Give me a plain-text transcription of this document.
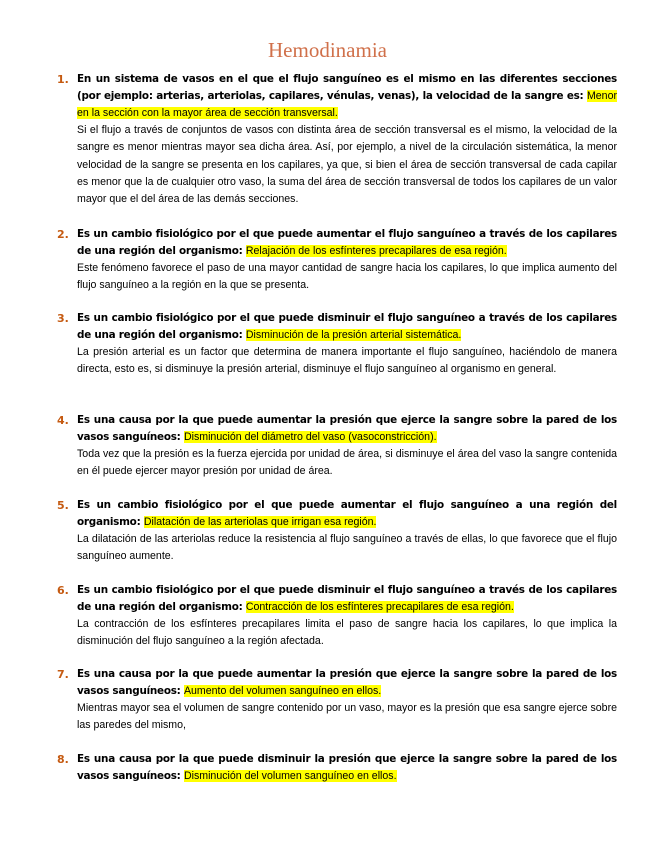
Hemodinamia
1. En un sistema de vasos en el que el flujo sanguíneo es el mismo en las diferentes secciones (por ejemplo: arterias, arteriolas, capilares, vénulas, venas), la velocidad de la sangre es: Menor en la sección con la mayor área de sección transversal.
Si el flujo a través de conjuntos de vasos con distinta área de sección transversal es el mismo, la velocidad de la sangre es menor mientras mayor sea dicha área. Así, por ejemplo, a nivel de la circulación sistemática, la menor velocidad de la sangre se presenta en los capilares, ya que, si bien el área de sección transversal de cada capilar es menor que la de cualquier otro vaso, la suma del área de sección transversal de todos los capilares de un valor mayor que el del área de las demás secciones.
2. Es un cambio fisiológico por el que puede aumentar el flujo sanguíneo a través de los capilares de una región del organismo: Relajación de los esfínteres precapilares de esa región.
Este fenómeno favorece el paso de una mayor cantidad de sangre hacia los capilares, lo que implica aumento del flujo sanguíneo a la región en la que se presenta.
3. Es un cambio fisiológico por el que puede disminuir el flujo sanguíneo a través de los capilares de una región del organismo: Disminución de la presión arterial sistemática.
La presión arterial es un factor que determina de manera importante el flujo sanguíneo, haciéndolo de manera directa, esto es, si disminuye la presión arterial, disminuye el flujo sanguíneo al organismo en general.
4. Es una causa por la que puede aumentar la presión que ejerce la sangre sobre la pared de los vasos sanguíneos: Disminución del diámetro del vaso (vasoconstricción).
Toda vez que la presión es la fuerza ejercida por unidad de área, si disminuye el área del vaso la sangre contenida en él puede ejercer mayor presión por unidad de área.
5. Es un cambio fisiológico por el que puede aumentar el flujo sanguíneo a una región del organismo: Dilatación de las arteriolas que irrigan esa región.
La dilatación de las arteriolas reduce la resistencia al flujo sanguíneo a través de ellas, lo que favorece que el flujo sanguíneo aumente.
6. Es un cambio fisiológico por el que puede disminuir el flujo sanguíneo a través de los capilares de una región del organismo: Contracción de los esfínteres precapilares de esa región.
La contracción de los esfínteres precapilares limita el paso de sangre hacia los capilares, lo que implica la disminución del flujo sanguíneo a la región afectada.
7. Es una causa por la que puede aumentar la presión que ejerce la sangre sobre la pared de los vasos sanguíneos: Aumento del volumen sanguíneo en ellos.
Mientras mayor sea el volumen de sangre contenido por un vaso, mayor es la presión que esa sangre ejerce sobre las paredes del mismo,
8. Es una causa por la que puede disminuir la presión que ejerce la sangre sobre la pared de los vasos sanguíneos: Disminución del volumen sanguíneo en ellos.
